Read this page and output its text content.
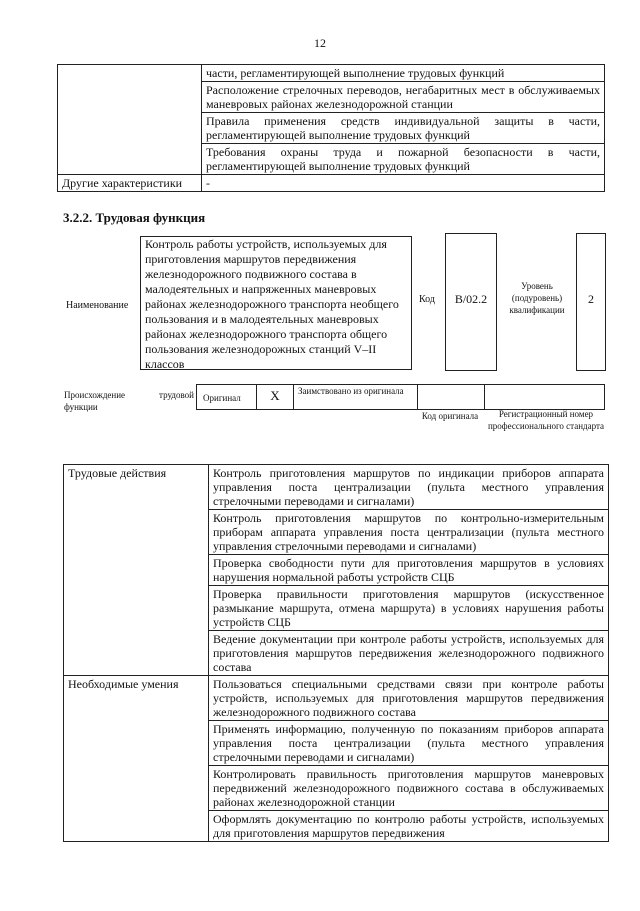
12
	части, регламентирующей выполнение трудовых функций
	Расположение стрелочных переводов, негабаритных мест в обслуживаемых маневровых районах железнодорожной станции
	Правила применения средств индивидуальной защиты в части, регламентирующей выполнение трудовых функций
	Требования охраны труда и пожарной безопасности в части, регламентирующей выполнение трудовых функций
Другие характеристики	-
3.2.2. Трудовая функция
Наименование
Контроль работы устройств, используемых для приготовления маршрутов передвижения железнодорожного подвижного состава в малодеятельных и напряженных маневровых районах железнодорожного транспорта необщего пользования и в малодеятельных маневровых районах железнодорожного транспорта общего пользования железнодорожных станций V–II классов
Код	B/02.2
Уровень (подуровень) квалификации
2
Происхождение трудовой функции
Оригинал	X	Заимствовано из оригинала
Код оригинала	Регистрационный номер профессионального стандарта
Трудовые действия	Контроль приготовления маршрутов по индикации приборов аппарата управления поста централизации (пульта местного управления стрелочными переводами и сигналами)
	Контроль приготовления маршрутов по контрольно-измерительным приборам аппарата управления поста централизации (пульта местного управления стрелочными переводами и сигналами)
	Проверка свободности пути для приготовления маршрутов в условиях нарушения нормальной работы устройств СЦБ
	Проверка правильности приготовления маршрутов (искусственное размыкание маршрута, отмена маршрута) в условиях нарушения работы устройств СЦБ
	Ведение документации при контроле работы устройств, используемых для приготовления маршрутов передвижения железнодорожного подвижного состава
Необходимые умения	Пользоваться специальными средствами связи при контроле работы устройств, используемых для приготовления маршрутов передвижения железнодорожного подвижного состава
	Применять информацию, полученную по показаниям приборов аппарата управления поста централизации (пульта местного управления стрелочными переводами и сигналами)
	Контролировать правильность приготовления маршрутов маневровых передвижений железнодорожного подвижного состава в обслуживаемых районах железнодорожной станции
	Оформлять документацию по контролю работы устройств, используемых для приготовления маршрутов передвижения
